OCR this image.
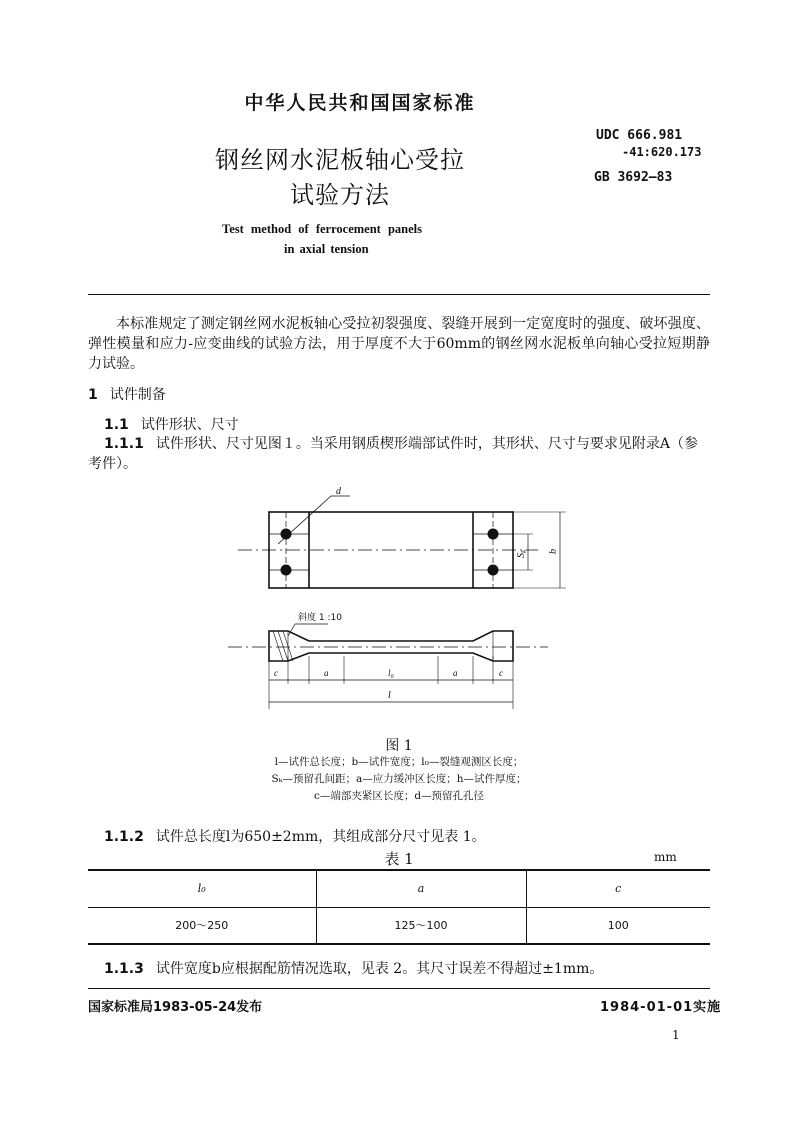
中华人民共和国国家标准
钢丝网水泥板轴心受拉
试验方法
UDC 666.981
-41:620.173
GB 3692—83
Test method of ferrocement panels
in axial tension
本标准规定了测定钢丝网水泥板轴心受拉初裂强度、裂缝开展到一定宽度时的强度、破坏强度、弹性模量和应力-应变曲线的试验方法，用于厚度不大于60mm的钢丝网水泥板单向轴心受拉短期静力试验。
1 试件制备
1.1 试件形状、尺寸
1.1.1 试件形状、尺寸见图１。当采用钢质楔形端部试件时，其形状、尺寸与要求见附录A（参考件）。
d
$S_k$ b
斜度 1 :10
c	a	$l_0$	a	c
l
图 1
l—试件总长度；b—试件宽度；l₀—裂缝观测区长度；
Sₖ—预留孔间距；a—应力缓冲区长度；h—试件厚度；
c—端部夹紧区长度；d—预留孔孔径
1.1.2 试件总长度l为650±2mm，其组成部分尺寸见表 1。
表 1	mm
l₀	a	c
200～250	125～100	100
1.1.3 试件宽度b应根据配筋情况选取，见表 2。其尺寸误差不得超过±1mm。
国家标准局1983-05-24发布	1984-01-01实施
1
